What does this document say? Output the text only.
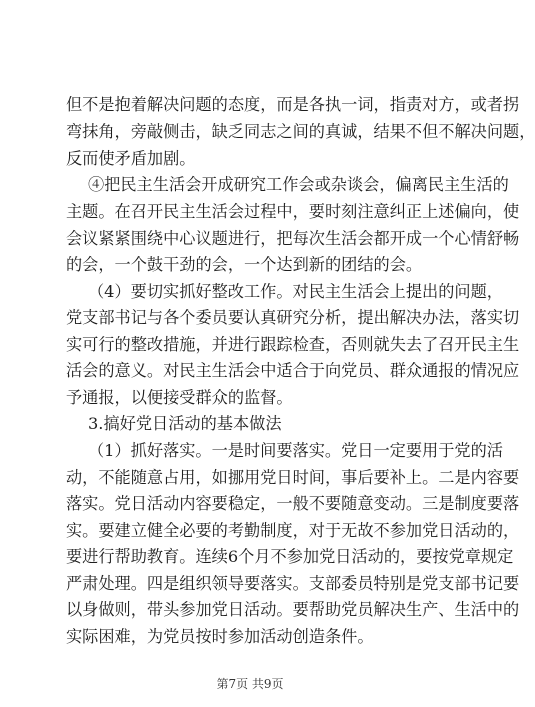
但不是抱着解决问题的态度，而是各执一词，指责对方，或者拐
弯抹角，旁敲侧击，缺乏同志之间的真诚，结果不但不解决问题，
反而使矛盾加剧。
④把民主生活会开成研究工作会或杂谈会，偏离民主生活的
主题。在召开民主生活会过程中，要时刻注意纠正上述偏向，使
会议紧紧围绕中心议题进行，把每次生活会都开成一个心情舒畅
的会，一个鼓干劲的会，一个达到新的团结的会。
（4）要切实抓好整改工作。对民主生活会上提出的问题，
党支部书记与各个委员要认真研究分析，提出解决办法，落实切
实可行的整改措施，并进行跟踪检查，否则就失去了召开民主生
活会的意义。对民主生活会中适合于向党员、群众通报的情况应
予通报，以便接受群众的监督。
3.搞好党日活动的基本做法
（1）抓好落实。一是时间要落实。党日一定要用于党的活
动，不能随意占用，如挪用党日时间，事后要补上。二是内容要
落实。党日活动内容要稳定，一般不要随意变动。三是制度要落
实。要建立健全必要的考勤制度，对于无故不参加党日活动的，
要进行帮助教育。连续6个月不参加党日活动的，要按党章规定
严肃处理。四是组织领导要落实。支部委员特别是党支部书记要
以身做则，带头参加党日活动。要帮助党员解决生产、生活中的
实际困难，为党员按时参加活动创造条件。
第7页 共9页
